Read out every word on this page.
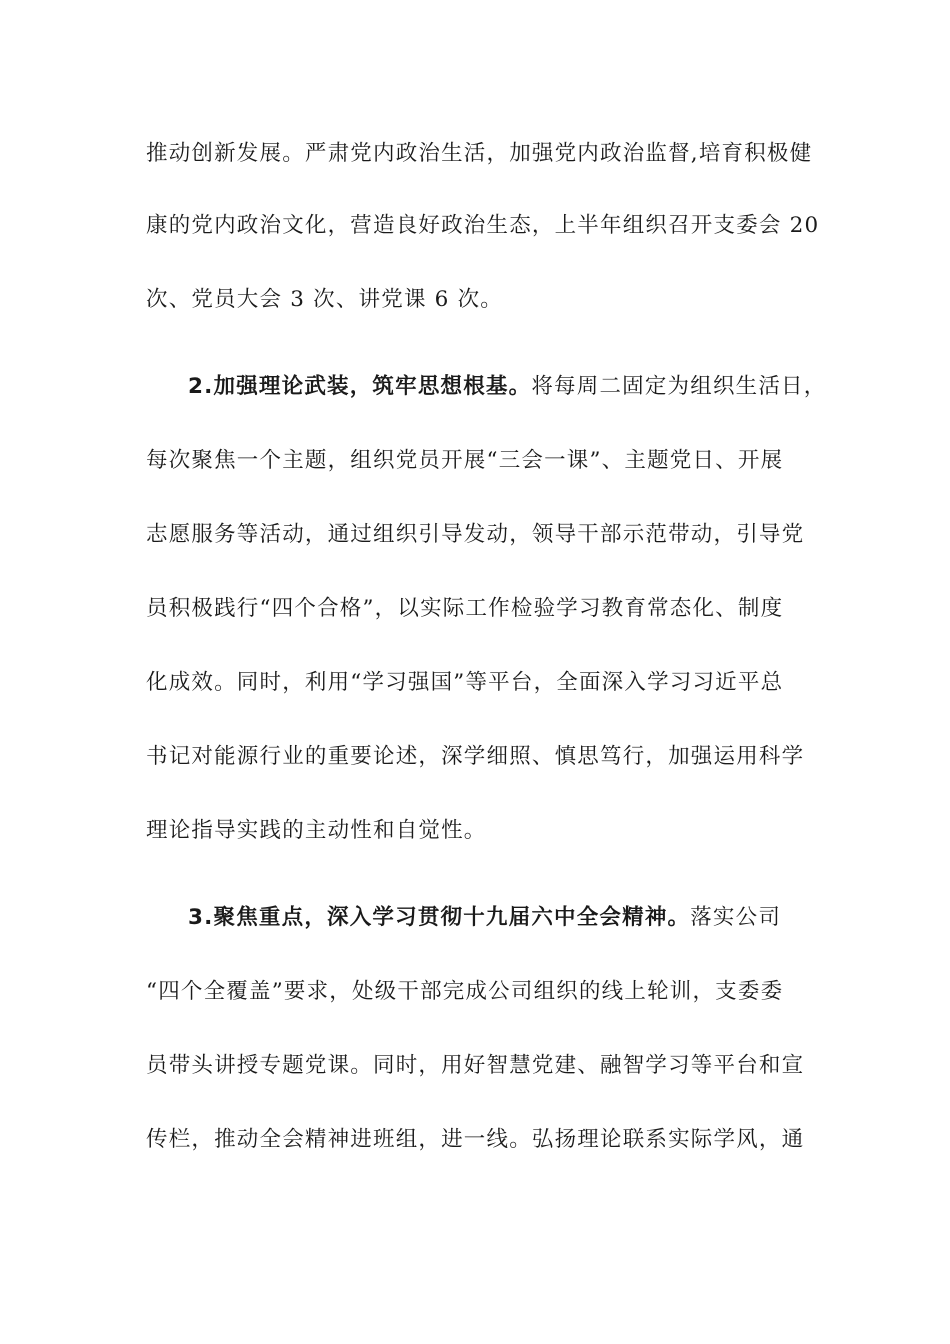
推动创新发展。严肃党内政治生活，加强党内政治监督,培育积极健
康的党内政治文化，营造良好政治生态，上半年组织召开支委会 20
次、党员大会 3 次、讲党课 6 次。
2.加强理论武装，筑牢思想根基。将每周二固定为组织生活日，
每次聚焦一个主题，组织党员开展“三会一课”、主题党日、开展
志愿服务等活动，通过组织引导发动，领导干部示范带动，引导党
员积极践行“四个合格”，以实际工作检验学习教育常态化、制度
化成效。同时，利用“学习强国”等平台，全面深入学习习近平总
书记对能源行业的重要论述，深学细照、慎思笃行，加强运用科学
理论指导实践的主动性和自觉性。
3.聚焦重点，深入学习贯彻十九届六中全会精神。落实公司
“四个全覆盖”要求，处级干部完成公司组织的线上轮训，支委委
员带头讲授专题党课。同时，用好智慧党建、融智学习等平台和宣
传栏，推动全会精神进班组，进一线。弘扬理论联系实际学风，通
